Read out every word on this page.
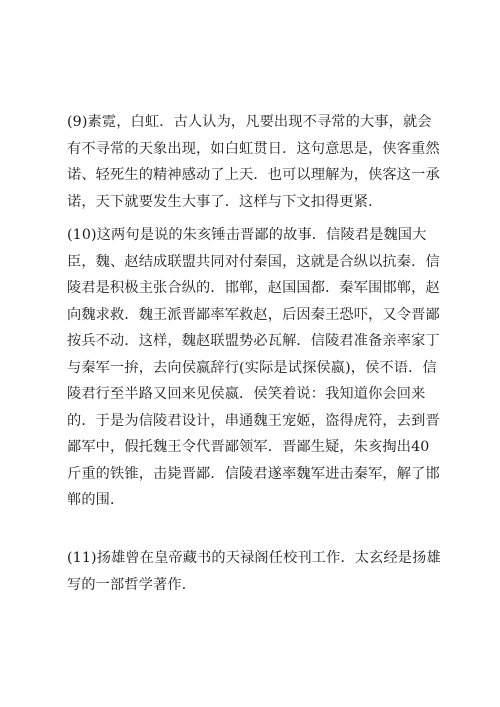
(9)素霓，白虹．古人认为，凡要出现不寻常的大事，就会有不寻常的天象出现，如白虹贯日．这句意思是，侠客重然诺、轻死生的精神感动了上天．也可以理解为，侠客这一承诺，天下就要发生大事了．这样与下文扣得更紧．

(10)这两句是说的朱亥锤击晋鄙的故事．信陵君是魏国大臣，魏、赵结成联盟共同对付秦国，这就是合纵以抗秦．信陵君是积极主张合纵的．邯郸，赵国国都．秦军围邯郸，赵向魏求救．魏王派晋鄙率军救赵，后因秦王恐吓，又令晋鄙按兵不动．这样，魏赵联盟势必瓦解．信陵君准备亲率家丁与秦军一拚，去向侯嬴辞行(实际是试探侯嬴)，侯不语．信陵君行至半路又回来见侯嬴．侯笑着说：我知道你会回来的．于是为信陵君设计，串通魏王宠姬，盗得虎符，去到晋鄙军中，假托魏王令代晋鄙领军．晋鄙生疑，朱亥掏出40斤重的铁锥，击毙晋鄙．信陵君遂率魏军进击秦军，解了邯郸的围．

(11)扬雄曾在皇帝藏书的天禄阁任校刊工作．太玄经是扬雄写的一部哲学著作．
